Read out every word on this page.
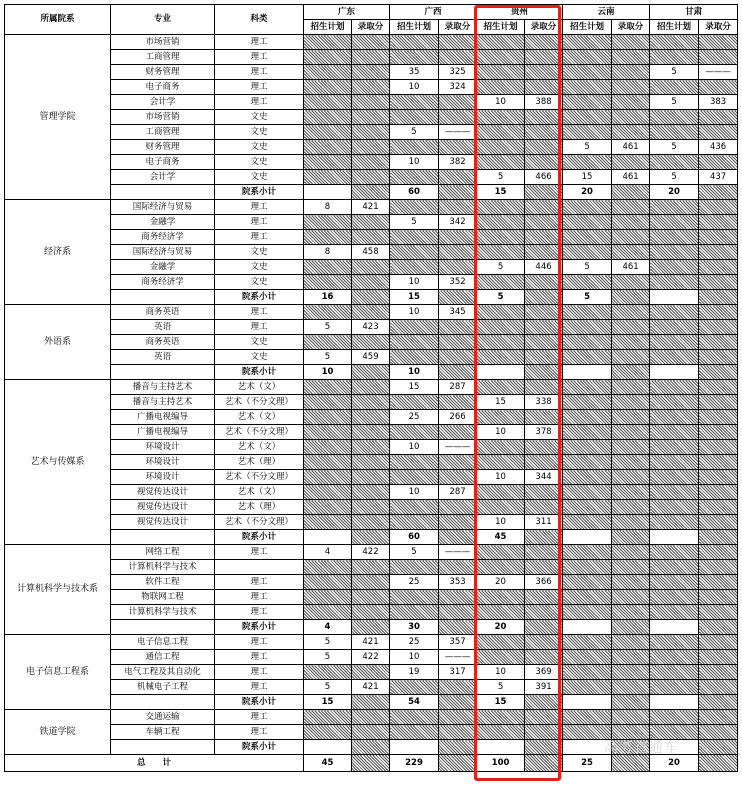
所属院系	专业	科类	广东		广西		贵州		云南		甘肃	
			招生计划	录取分	招生计划	录取分	招生计划	录取分	招生计划	录取分	招生计划	录取分
管理学院	市场营销	理工										
	工商管理	理工										
	财务管理	理工			35	325					5	———
	电子商务	理工			10	324						
	会计学	理工					10	388			5	383
	市场营销	文史										
	工商管理	文史			5	———						
	财务管理	文史							5	461	5	436
	电子商务	文史			10	382						
	会计学	文史					5	466	15	461	5	437
		院系小计			60		15		20		20	
经济系	国际经济与贸易	理工	8	421								
	金融学	理工			5	342						
	商务经济学	理工										
	国际经济与贸易	文史	8	458								
	金融学	文史					5	446	5	461		
	商务经济学	文史			10	352						
		院系小计	16		15		5		5			
外语系	商务英语	理工			10	345						
	英语	理工	5	423								
	商务英语	文史										
	英语	文史	5	459								
		院系小计	10		10							
艺术与传媒系	播音与主持艺术	艺术（文）			15	287						
	播音与主持艺术	艺术（不分文理）					15	338				
	广播电视编导	艺术（文）			25	266						
	广播电视编导	艺术（不分文理）					10	378				
	环境设计	艺术（文）			10	———						
	环境设计	艺术（理）										
	环境设计	艺术（不分文理）					10	344				
	视觉传达设计	艺术（文）			10	287						
	视觉传达设计	艺术（理）										
	视觉传达设计	艺术（不分文理）					10	311				
		院系小计			60		45					
计算机科学与技术系	网络工程	理工	4	422	5	———						
	计算机科学与技术											
	软件工程	理工			25	353	20	366				
	物联网工程	理工										
	计算机科学与技术	理工										
		院系小计	4		30		20					
电子信息工程系	电子信息工程	理工	5	421	25	357						
	通信工程	理工	5	422	10	———						
	电气工程及其自动化	理工			19	317	10	369				
	机械电子工程	理工	5	421			5	391				
		院系小计	15		54		15					
铁道学院	交通运输	理工										
	车辆工程	理工										
		院系小计										
总　　计			45		229		100		25		20	
高考直通车
